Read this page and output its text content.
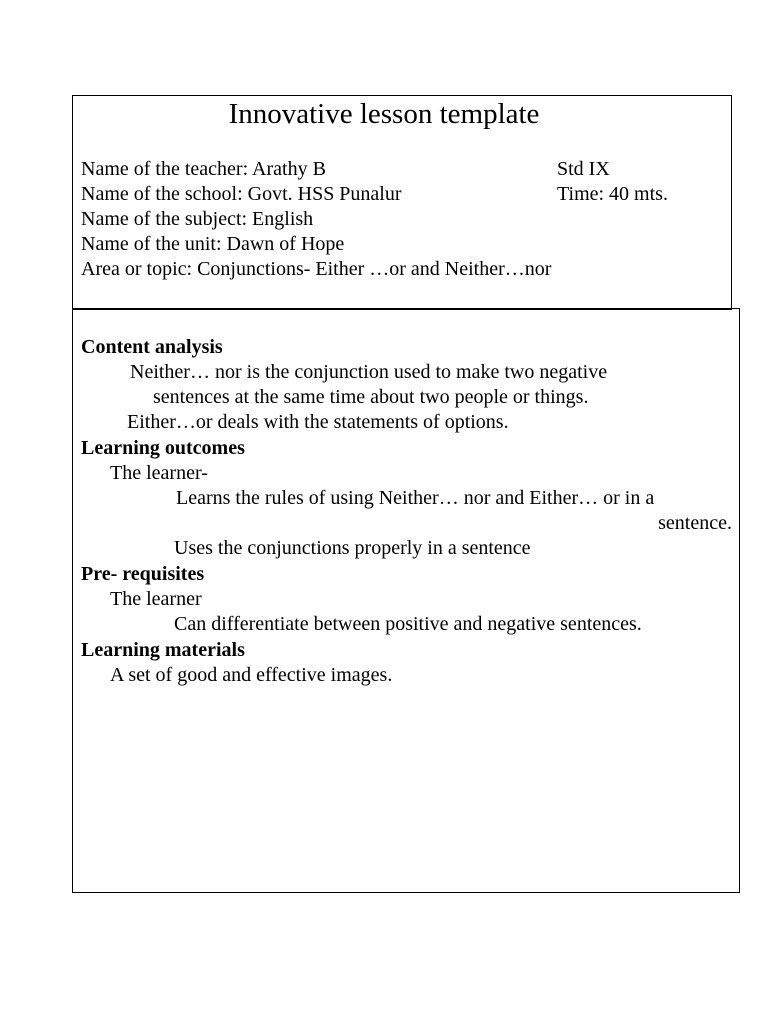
Innovative lesson template
Name of the teacher: Arathy B	Std IX
Name of the school: Govt. HSS Punalur	Time: 40 mts.
Name of the subject: English
Name of the unit: Dawn of Hope
Area or topic: Conjunctions- Either …or and Neither…nor
Content analysis
Neither… nor is the conjunction used to make two negative
sentences at the same time about two people or things.
Either…or deals with the statements of options.
Learning outcomes
The learner-
Learns the rules of using Neither… nor and Either… or in a
sentence.
Uses the conjunctions properly in a sentence
Pre- requisites
The learner
Can differentiate between positive and negative sentences.
Learning materials
A set of good and effective images.
